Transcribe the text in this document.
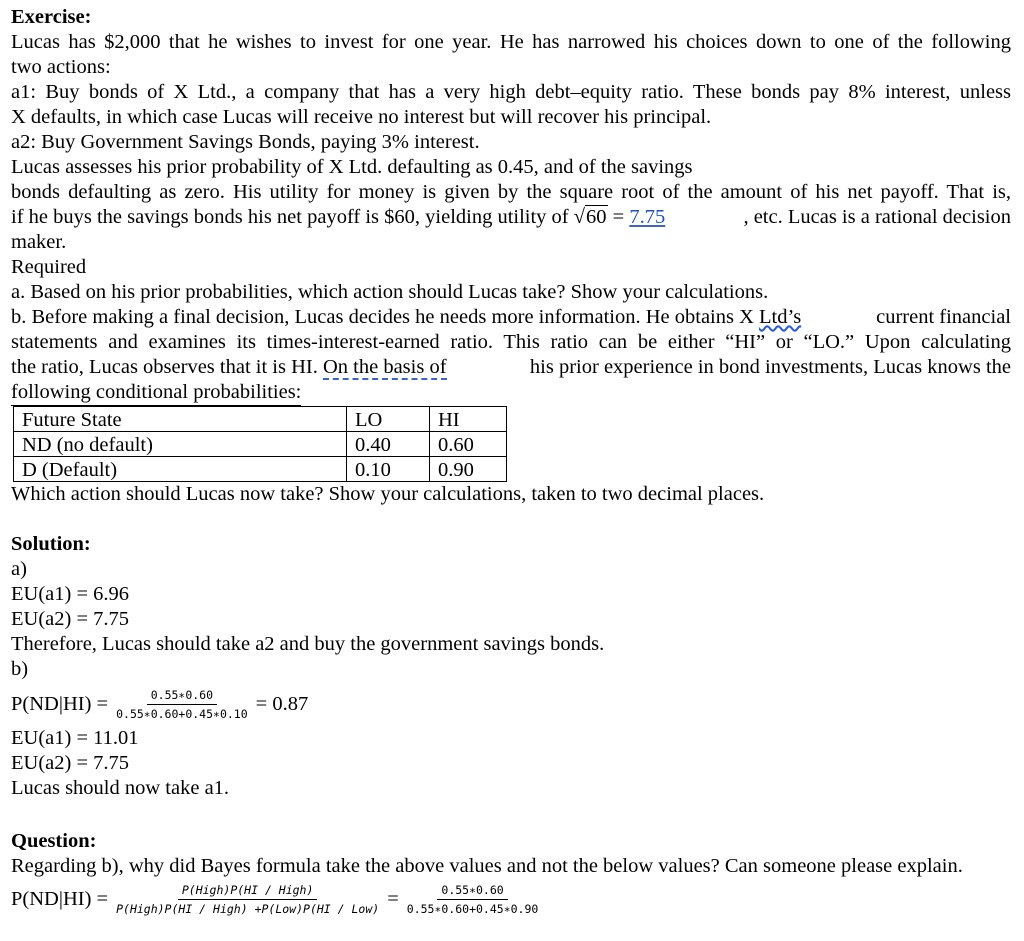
Exercise:
Lucas has $2,000 that he wishes to invest for one year. He has narrowed his choices down to one of the following
two actions:
a1: Buy bonds of X Ltd., a company that has a very high debt–equity ratio. These bonds pay 8% interest, unless
X defaults, in which case Lucas will receive no interest but will recover his principal.
a2: Buy Government Savings Bonds, paying 3% interest.
Lucas assesses his prior probability of X Ltd. defaulting as 0.45, and of the savings
bonds defaulting as zero. His utility for money is given by the square root of the amount of his net payoff. That is,
if he buys the savings bonds his net payoff is $60, yielding utility of √60 = 7.75	, etc. Lucas is a rational decision
maker.
Required
a. Based on his prior probabilities, which action should Lucas take? Show your calculations.
b. Before making a final decision, Lucas decides he needs more information. He obtains X Ltd’s	current financial
statements and examines its times-interest-earned ratio. This ratio can be either “HI” or “LO.” Upon calculating
the ratio, Lucas observes that it is HI. On the basis of	his prior experience in bond investments, Lucas knows the
following conditional probabilities:
Future State	LO	HI
ND (no default)	0.40	0.60
D (Default)	0.10	0.90
Which action should Lucas now take? Show your calculations, taken to two decimal places.
Solution:
a)
EU(a1) = 6.96
EU(a2) = 7.75
Therefore, Lucas should take a2 and buy the government savings bonds.
b)
$P(ND|HI) = \frac{0.55∗0.60}{0.55∗0.60+0.45∗0.10} = 0.87$
EU(a1) = 11.01
EU(a2) = 7.75
Lucas should now take a1.
Question:
Regarding b), why did Bayes formula take the above values and not the below values? Can someone please explain.
$P(ND|HI) = \frac{\text{P(High)P(HI / High)}}{\text{P(High)P(HI / High) +P(Low)P(HI / Low)}} = \frac{0.55∗0.60}{0.55∗0.60+0.45∗0.90}$
